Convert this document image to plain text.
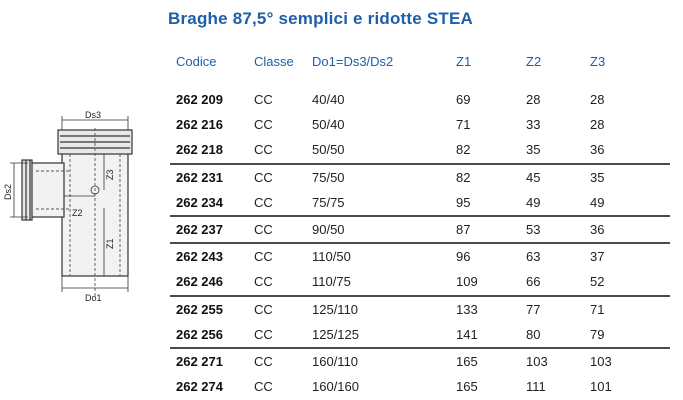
Braghe 87,5° semplici e ridotte STEA
Ds3
Ds2
Do1
Z3
Z1
Z2
Codice	Classe	Do1=Ds3/Ds2	Z1	Z2	Z3
262 209	CC	40/40	69	28	28
262 216	CC	50/40	71	33	28
262 218	CC	50/50	82	35	36
262 231	CC	75/50	82	45	35
262 234	CC	75/75	95	49	49
262 237	CC	90/50	87	53	36
262 243	CC	110/50	96	63	37
262 246	CC	110/75	109	66	52
262 255	CC	125/110	133	77	71
262 256	CC	125/125	141	80	79
262 271	CC	160/110	165	103	103
262 274	CC	160/160	165	111	101
